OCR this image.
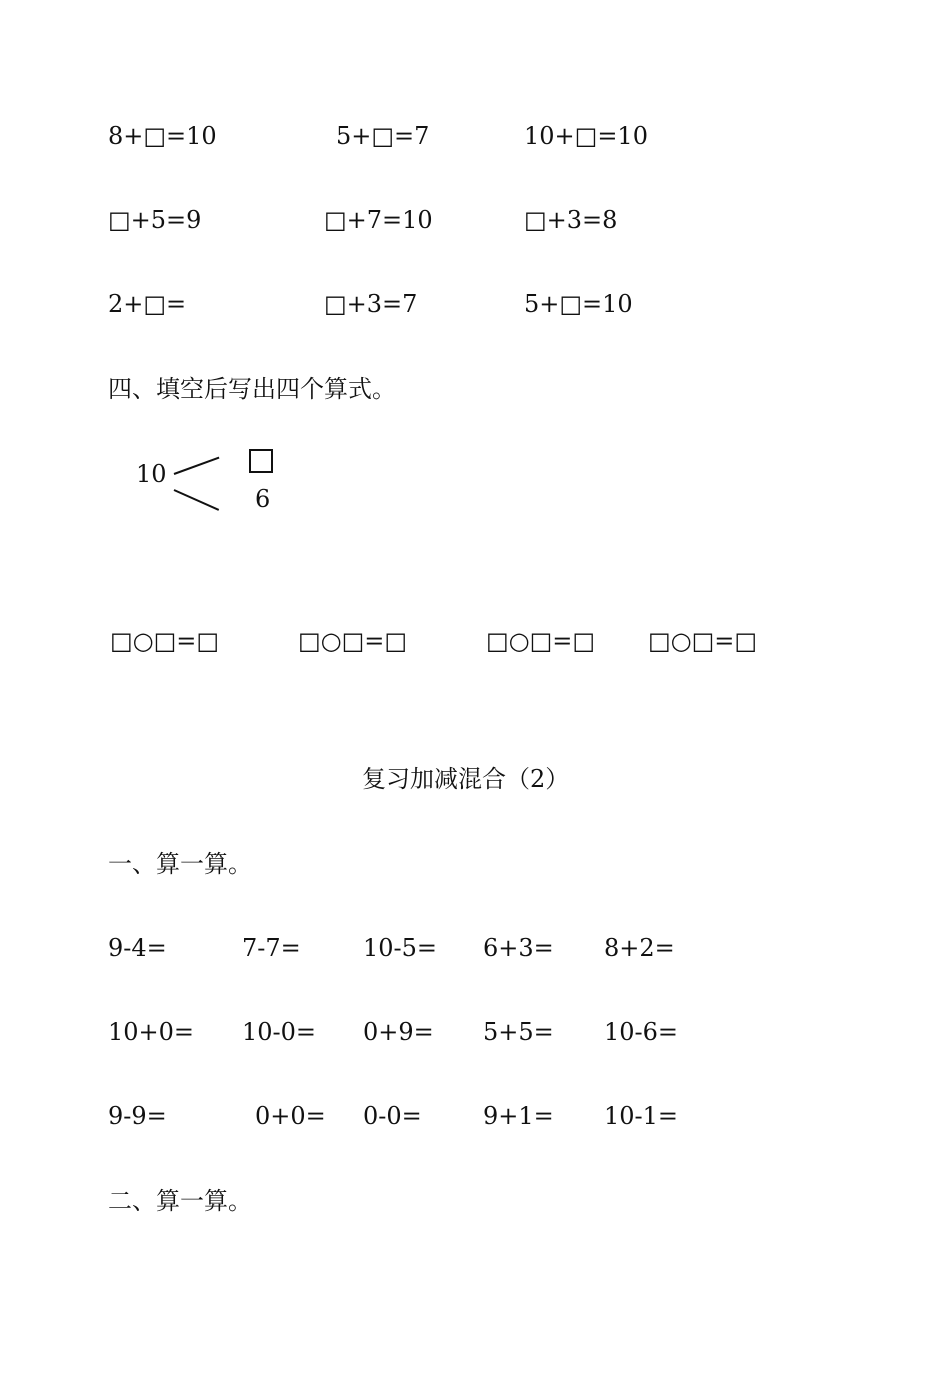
8+□=10	5+□=7	10+□=10
□+5=9	□+7=10	□+3=8
2+□=	□+3=7	5+□=10
四、填空后写出四个算式。
10
6
□○□=□	□○□=□	□○□=□ □○□=□
复习加减混合（2）
一、算一算。
9-4=	7-7=	10-5= 6+3= 8+2=
10+0= 10-0= 0+9= 5+5= 10-6=
9-9=	0+0= 0-0=	9+1= 10-1=
二、算一算。
